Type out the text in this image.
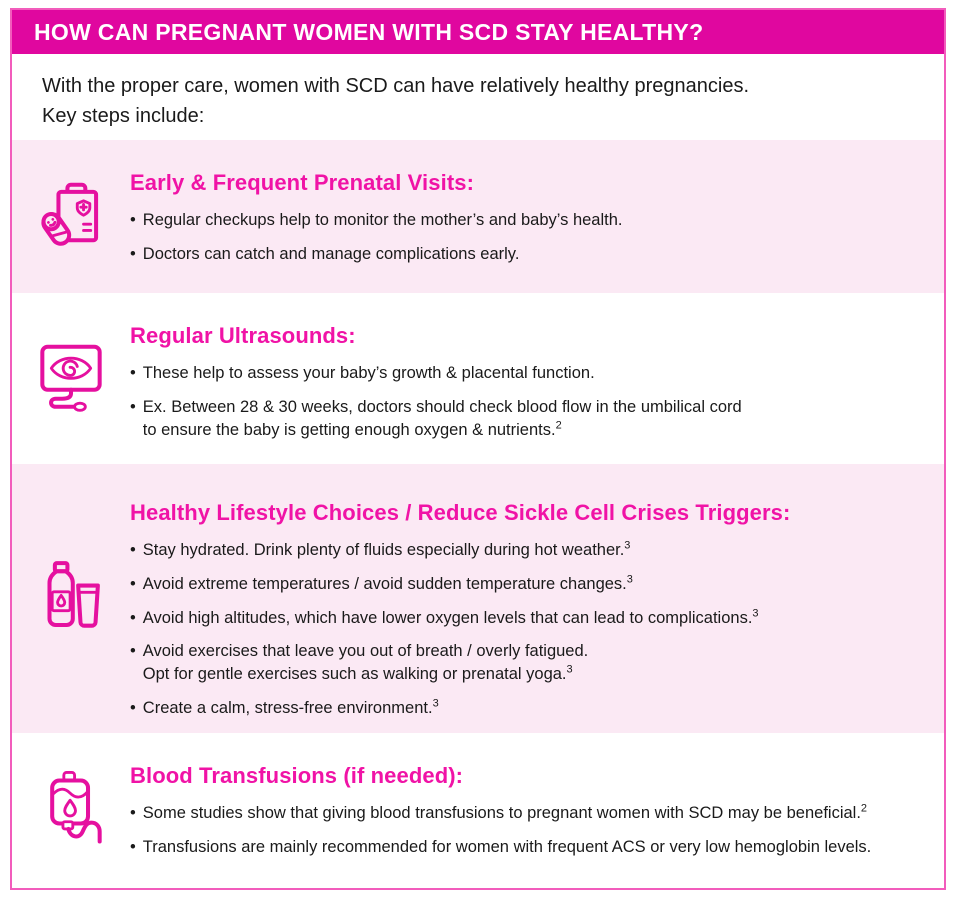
HOW CAN PREGNANT WOMEN WITH SCD STAY HEALTHY?
With the proper care, women with SCD can have relatively healthy pregnancies.
Key steps include:
Early & Frequent Prenatal Visits:
• Regular checkups help to monitor the mother’s and baby’s health.
• Doctors can catch and manage complications early.
Regular Ultrasounds:
• These help to assess your baby’s growth & placental function.
• Ex. Between 28 & 30 weeks, doctors should check blood flow in the umbilical cord
to ensure the baby is getting enough oxygen & nutrients.$^2$
Healthy Lifestyle Choices / Reduce Sickle Cell Crises Triggers:
• Stay hydrated. Drink plenty of fluids especially during hot weather.$^3$
• Avoid extreme temperatures / avoid sudden temperature changes.$^3$
• Avoid high altitudes, which have lower oxygen levels that can lead to complications.$^3$
• Avoid exercises that leave you out of breath / overly fatigued.
Opt for gentle exercises such as walking or prenatal yoga.$^3$
• Create a calm, stress-free environment.$^3$
Blood Transfusions (if needed):
• Some studies show that giving blood transfusions to pregnant women with SCD may be beneficial.$^2$
• Transfusions are mainly recommended for women with frequent ACS or very low hemoglobin levels.
